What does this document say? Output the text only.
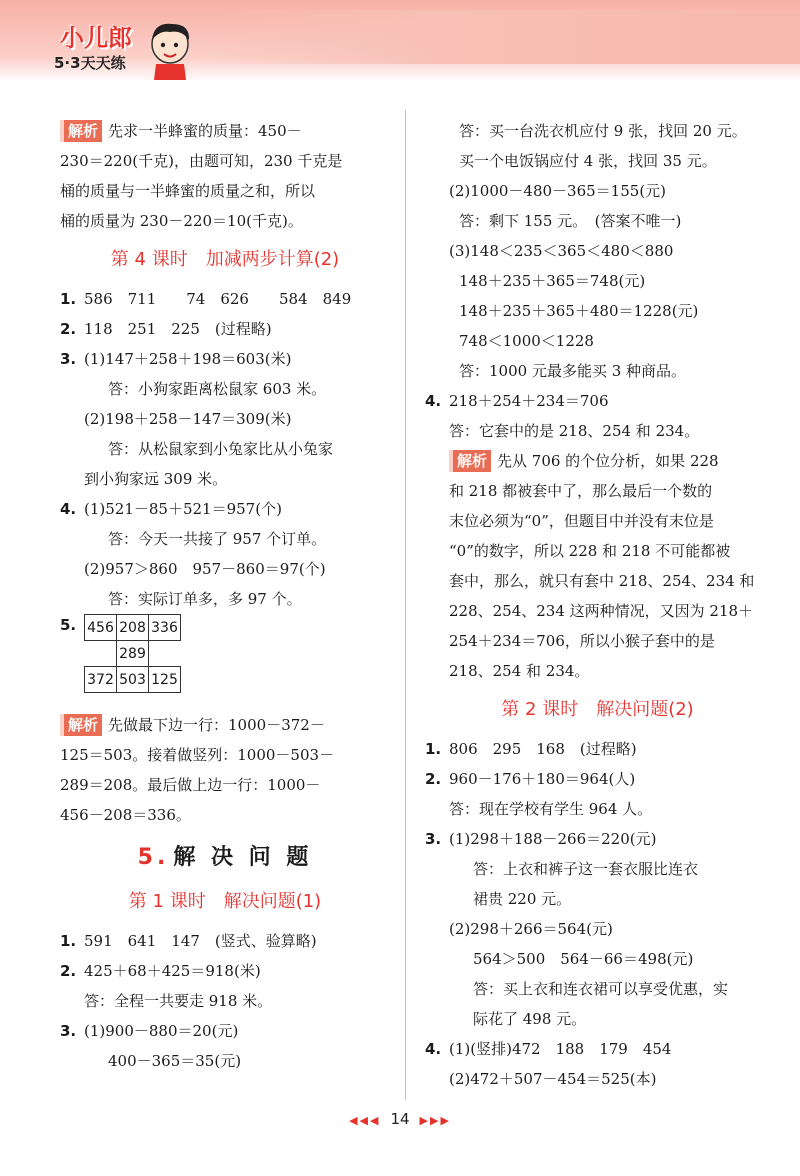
小儿郎
5·3天天练
解析 先求一半蜂蜜的质量：450－
230＝220(千克)，由题可知，230 千克是
桶的质量与一半蜂蜜的质量之和，所以
桶的质量为 230－220＝10(千克)。
第 4 课时　加减两步计算(2)
1. 586　711　　74　626　　584　849
2. 118　251　225　(过程略)
3. (1)147＋258＋198＝603(米)
答：小狗家距离松鼠家 603 米。
(2)198＋258－147＝309(米)
答：从松鼠家到小兔家比从小兔家
到小狗家远 309 米。
4. (1)521－85＋521＝957(个)
答：今天一共接了 957 个订单。
(2)957＞860　957－860＝97(个)
答：实际订单多，多 97 个。
5. 456 208 336
289
372 503 125
解析 先做最下边一行：1000－372－
125＝503。接着做竖列：1000－503－
289＝208。最后做上边一行：1000－
456－208＝336。
5. 解 决 问 题
第 1 课时　解决问题(1)
1. 591　641　147　(竖式、验算略)
2. 425＋68＋425＝918(米)
答：全程一共要走 918 米。
3. (1)900－880＝20(元)
400－365＝35(元)
答：买一台洗衣机应付 9 张，找回 20 元。
买一个电饭锅应付 4 张，找回 35 元。
(2)1000－480－365＝155(元)
答：剩下 155 元。　(答案不唯一)
(3)148＜235＜365＜480＜880
148＋235＋365＝748(元)
148＋235＋365＋480＝1228(元)
748＜1000＜1228
答：1000 元最多能买 3 种商品。
4. 218＋254＋234＝706
答：它套中的是 218、254 和 234。
解析 先从 706 的个位分析，如果 228
和 218 都被套中了，那么最后一个数的
末位必须为“0”，但题目中并没有末位是
“0”的数字，所以 228 和 218 不可能都被
套中，那么，就只有套中 218、254、234 和
228、254、234 这两种情况，又因为 218＋
254＋234＝706，所以小猴子套中的是
218、254 和 234。
第 2 课时　解决问题(2)
1. 806　295　168　(过程略)
2. 960－176＋180＝964(人)
答：现在学校有学生 964 人。
3. (1)298＋188－266＝220(元)
答：上衣和裤子这一套衣服比连衣
裙贵 220 元。
(2)298＋266＝564(元)
564＞500　564－66＝498(元)
答：买上衣和连衣裙可以享受优惠，实
际花了 498 元。
4. (1)(竖排)472　188　179　454
(2)472＋507－454＝525(本)
◀◀◀ 14 ▶▶▶
